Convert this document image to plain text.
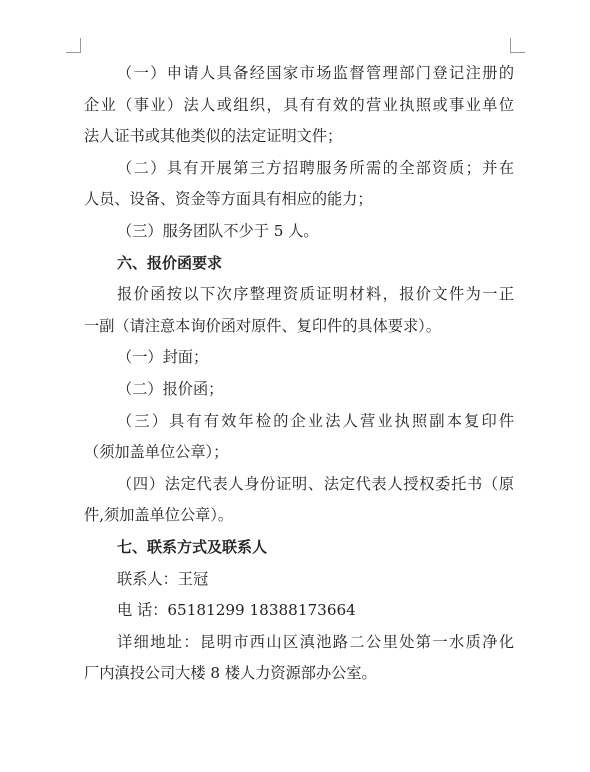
（一）申请人具备经国家市场监督管理部门登记注册的
企业（事业）法人或组织，具有有效的营业执照或事业单位
法人证书或其他类似的法定证明文件；
（二）具有开展第三方招聘服务所需的全部资质；并在
人员、设备、资金等方面具有相应的能力；
（三）服务团队不少于 5 人。
六、报价函要求
报价函按以下次序整理资质证明材料，报价文件为一正
一副（请注意本询价函对原件、复印件的具体要求）。
（一）封面；
（二）报价函；
（三）具有有效年检的企业法人营业执照副本复印件
（须加盖单位公章）；
（四）法定代表人身份证明、法定代表人授权委托书（原
件,须加盖单位公章）。
七、联系方式及联系人
联系人：王冠
电 话：65181299 18388173664
详细地址：昆明市西山区滇池路二公里处第一水质净化
厂内滇投公司大楼 8 楼人力资源部办公室。
